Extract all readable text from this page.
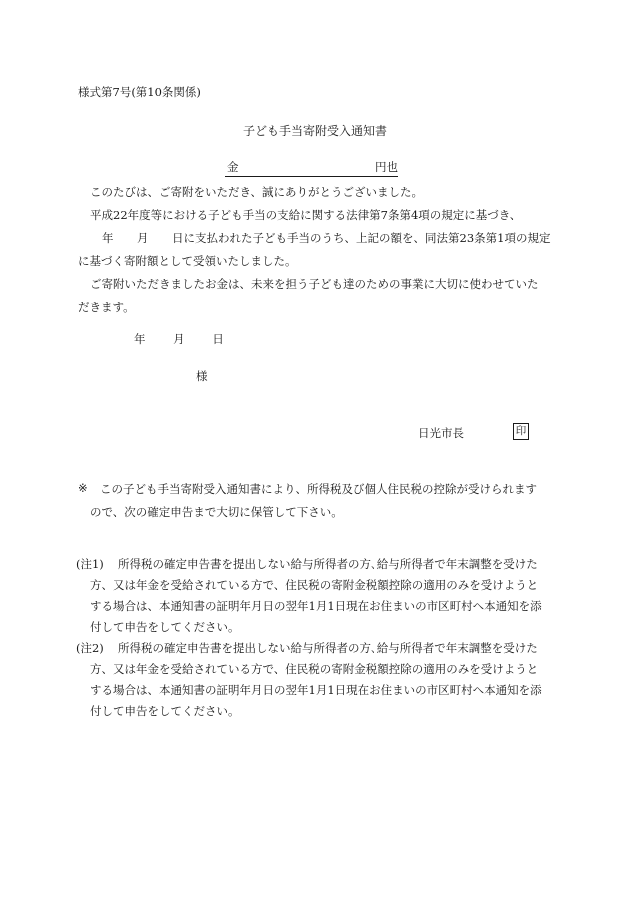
様式第7号(第10条関係)
子ども手当寄附受入通知書
金	円也
このたびは、ご寄附をいただき、誠にありがとうございました。
平成22年度等における子ども手当の支給に関する法律第7条第4項の規定に基づき、
年 月 日に支払われた子ども手当のうち、上記の額を、同法第23条第1項の規定
に基づく寄附額として受領いたしました。
ご寄附いただきましたお金は、未来を担う子ども達のための事業に大切に使わせていた
だきます。
年 月 日
様
日光市長	印
※ この子ども手当寄附受入通知書により、所得税及び個人住民税の控除が受けられます
ので、次の確定申告まで大切に保管して下さい。
(注1) 所得税の確定申告書を提出しない給与所得者の方､給与所得者で年末調整を受けた
方、又は年金を受給されている方で、住民税の寄附金税額控除の適用のみを受けようと
する場合は、本通知書の証明年月日の翌年1月1日現在お住まいの市区町村へ本通知を添
付して申告をしてください。
(注2) 所得税の確定申告書を提出しない給与所得者の方､給与所得者で年末調整を受けた
方、又は年金を受給されている方で、住民税の寄附金税額控除の適用のみを受けようと
する場合は、本通知書の証明年月日の翌年1月1日現在お住まいの市区町村へ本通知を添
付して申告をしてください。
